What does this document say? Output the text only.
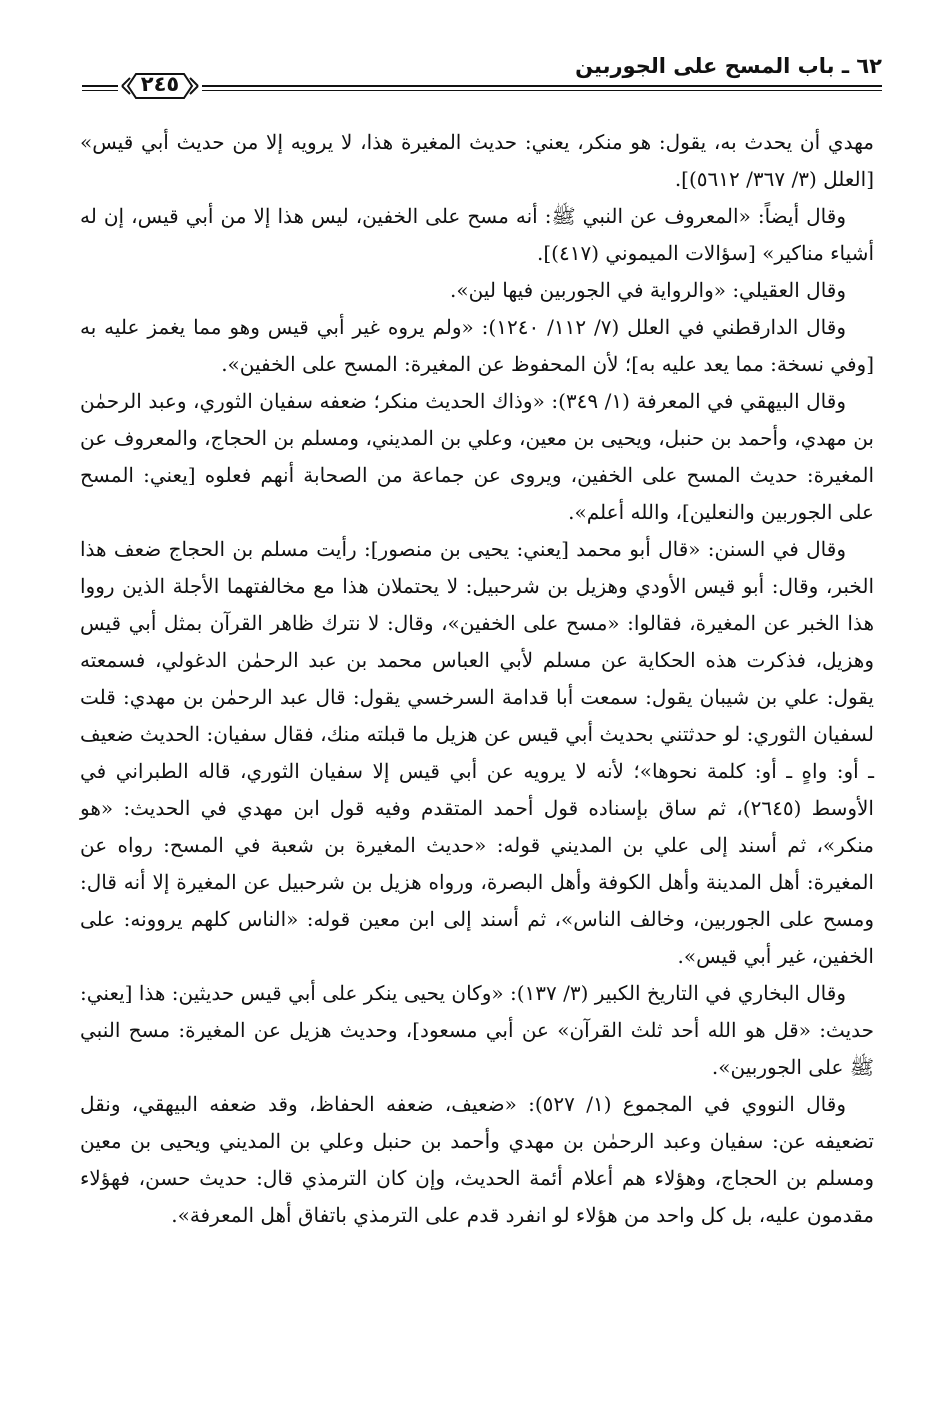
٦٢ ـ باب المسح على الجوربين
٢٤٥

مهدي أن يحدث به، يقول: هو منكر، يعني: حديث المغيرة هذا، لا يرويه إلا من حديث أبي قيس» [العلل (٣/ ٣٦٧/ ٥٦١٢)].

وقال أيضاً: «المعروف عن النبي ﷺ: أنه مسح على الخفين، ليس هذا إلا من أبي قيس، إن له أشياء مناكير» [سؤالات الميموني (٤١٧)].

وقال العقيلي: «والرواية في الجوربين فيها لين».

وقال الدارقطني في العلل (٧/ ١١٢/ ١٢٤٠): «ولم يروه غير أبي قيس وهو مما يغمز عليه به [وفي نسخة: مما يعد عليه به]؛ لأن المحفوظ عن المغيرة: المسح على الخفين».

وقال البيهقي في المعرفة (١/ ٣٤٩): «وذاك الحديث منكر؛ ضعفه سفيان الثوري، وعبد الرحمٰن بن مهدي، وأحمد بن حنبل، ويحيى بن معين، وعلي بن المديني، ومسلم بن الحجاج، والمعروف عن المغيرة: حديث المسح على الخفين، ويروى عن جماعة من الصحابة أنهم فعلوه [يعني: المسح على الجوربين والنعلين]، والله أعلم».

وقال في السنن: «قال أبو محمد [يعني: يحيى بن منصور]: رأيت مسلم بن الحجاج ضعف هذا الخبر، وقال: أبو قيس الأودي وهزيل بن شرحبيل: لا يحتملان هذا مع مخالفتهما الأجلة الذين رووا هذا الخبر عن المغيرة، فقالوا: «مسح على الخفين»، وقال: لا نترك ظاهر القرآن بمثل أبي قيس وهزيل، فذكرت هذه الحكاية عن مسلم لأبي العباس محمد بن عبد الرحمٰن الدغولي، فسمعته يقول: علي بن شيبان يقول: سمعت أبا قدامة السرخسي يقول: قال عبد الرحمٰن بن مهدي: قلت لسفيان الثوري: لو حدثتني بحديث أبي قيس عن هزيل ما قبلته منك، فقال سفيان: الحديث ضعيف ـ أو: واهٍ ـ أو: كلمة نحوها»؛ لأنه لا يرويه عن أبي قيس إلا سفيان الثوري، قاله الطبراني في الأوسط (٢٦٤٥)، ثم ساق بإسناده قول أحمد المتقدم وفيه قول ابن مهدي في الحديث: «هو منكر»، ثم أسند إلى علي بن المديني قوله: «حديث المغيرة بن شعبة في المسح: رواه عن المغيرة: أهل المدينة وأهل الكوفة وأهل البصرة، ورواه هزيل بن شرحبيل عن المغيرة إلا أنه قال: ومسح على الجوربين، وخالف الناس»، ثم أسند إلى ابن معين قوله: «الناس كلهم يروونه: على الخفين، غير أبي قيس».

وقال البخاري في التاريخ الكبير (٣/ ١٣٧): «وكان يحيى ينكر على أبي قيس حديثين: هذا [يعني: حديث: «قل هو الله أحد ثلث القرآن» عن أبي مسعود]، وحديث هزيل عن المغيرة: مسح النبي ﷺ على الجوربين».

وقال النووي في المجموع (١/ ٥٢٧): «ضعيف، ضعفه الحفاظ، وقد ضعفه البيهقي، ونقل تضعيفه عن: سفيان وعبد الرحمٰن بن مهدي وأحمد بن حنبل وعلي بن المديني ويحيى بن معين ومسلم بن الحجاج، وهؤلاء هم أعلام أئمة الحديث، وإن كان الترمذي قال: حديث حسن، فهؤلاء مقدمون عليه، بل كل واحد من هؤلاء لو انفرد قدم على الترمذي باتفاق أهل المعرفة».
